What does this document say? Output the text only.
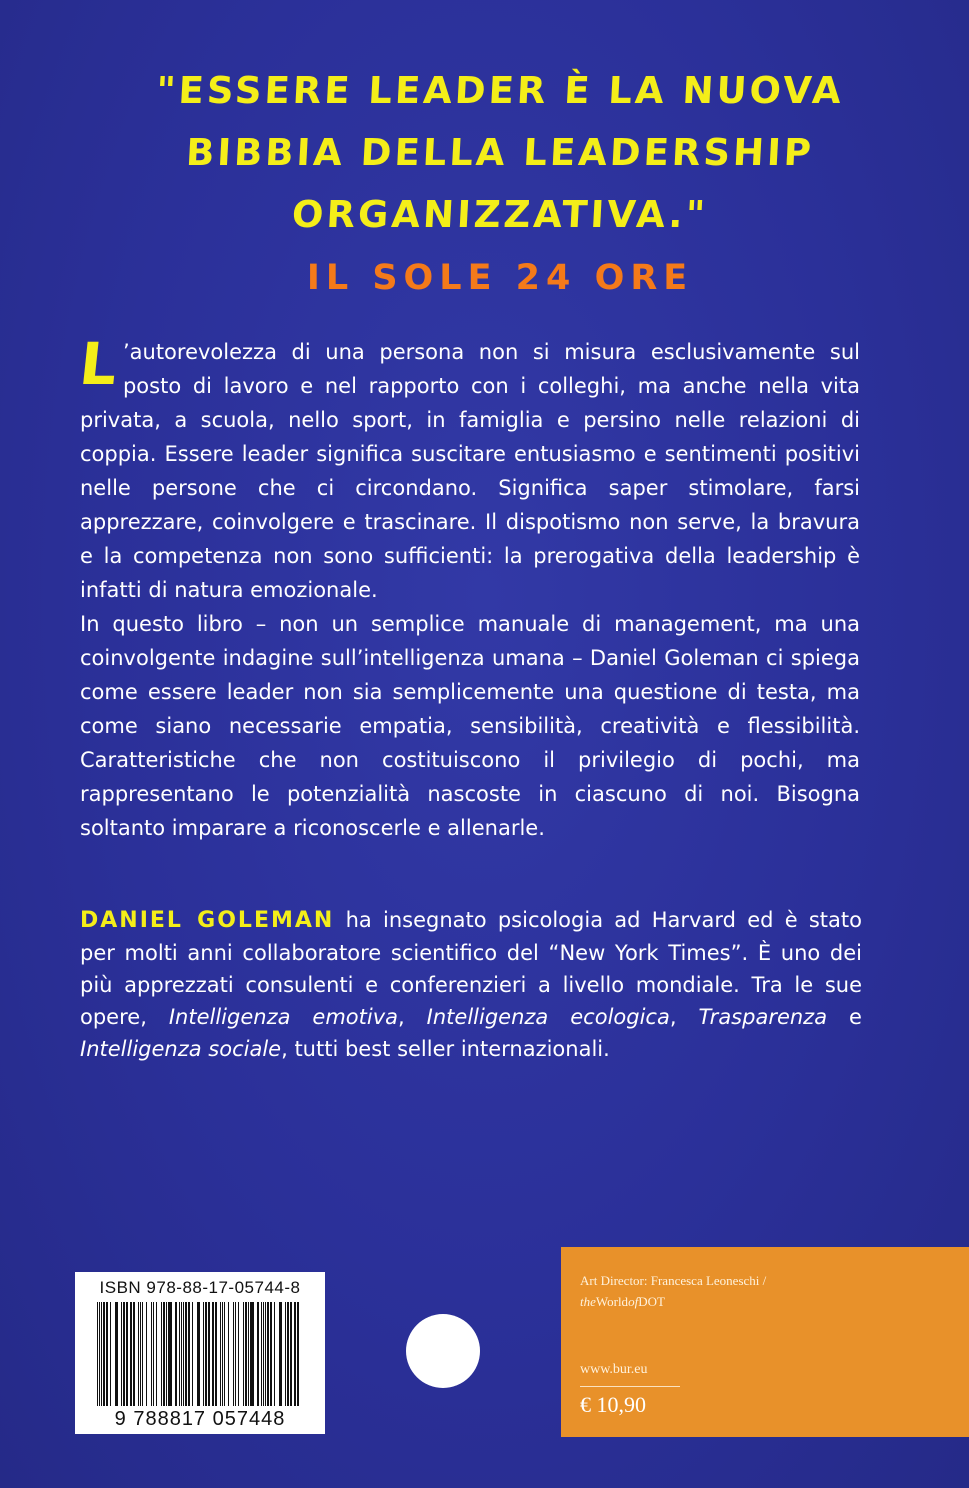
"ESSERE LEADER È LA NUOVA
BIBBIA DELLA LEADERSHIP
ORGANIZZATIVA."
IL SOLE 24 ORE

L ’autorevolezza di una persona non si misura esclusivamente sul posto di lavoro e nel rapporto con i colleghi, ma anche nella vita privata, a scuola, nello sport, in famiglia e persino nelle relazioni di coppia. Essere leader significa suscitare entusiasmo e sentimenti positivi nelle persone che ci circondano. Significa saper stimolare, farsi apprezzare, coinvolgere e trascinare. Il dispotismo non serve, la bravura e la competenza non sono sufficienti: la prerogativa della leadership è infatti di natura emozionale.

In questo libro – non un semplice manuale di management, ma una coinvolgente indagine sull’intelligenza umana – Daniel Goleman ci spiega come essere leader non sia semplicemente una questione di testa, ma come siano necessarie empatia, sensibilità, creatività e flessibilità. Caratteristiche che non costituiscono il privilegio di pochi, ma rappresentano le potenzialità nascoste in ciascuno di noi. Bisogna soltanto imparare a riconoscerle e allenarle.

DANIEL GOLEMAN ha insegnato psicologia ad Harvard ed è stato per molti anni collaboratore scientifico del “New York Times”. È uno dei più apprezzati consulenti e conferenzieri a livello mondiale. Tra le sue opere, Intelligenza emotiva, Intelligenza ecologica, Trasparenza e Intelligenza sociale, tutti best seller internazionali.
ISBN 978-88-17-05744-8
9 788817 057448
Art Director: Francesca Leoneschi /
theWorldofDOT
www.bur.eu
€ 10,90
